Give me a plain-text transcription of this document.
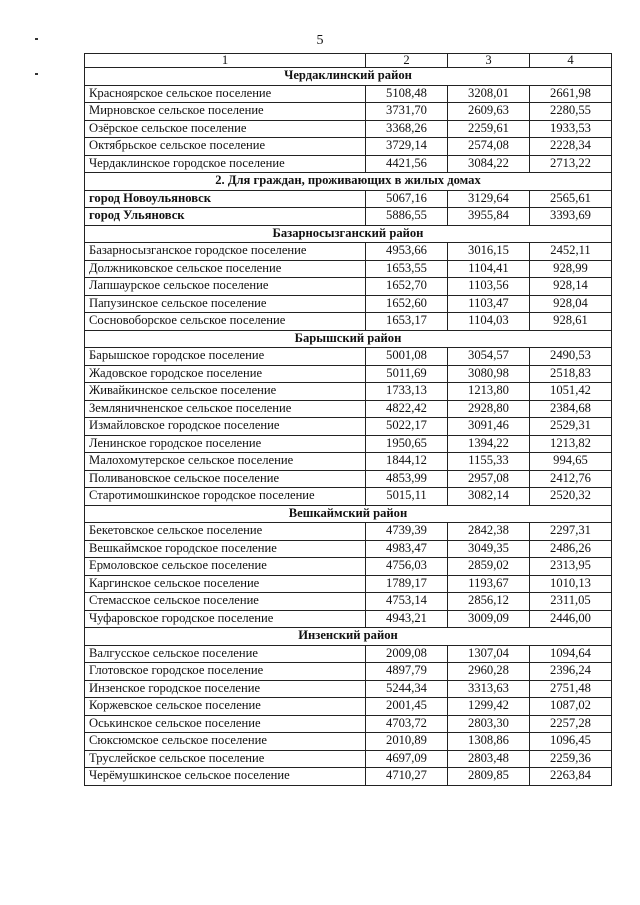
5
1	2	3	4
Чердаклинский район			
Красноярское сельское поселение	5108,48	3208,01	2661,98
Мирновское сельское поселение	3731,70	2609,63	2280,55
Озёрское сельское поселение	3368,26	2259,61	1933,53
Октябрьское сельское поселение	3729,14	2574,08	2228,34
Чердаклинское городское поселение	4421,56	3084,22	2713,22
2. Для граждан, проживающих в жилых домах			
город Новоульяновск	5067,16	3129,64	2565,61
город Ульяновск	5886,55	3955,84	3393,69
Базарносызганский район			
Базарносызганское городское поселение	4953,66	3016,15	2452,11
Должниковское сельское поселение	1653,55	1104,41	928,99
Лапшаурское сельское поселение	1652,70	1103,56	928,14
Папузинское сельское поселение	1652,60	1103,47	928,04
Сосновоборское сельское поселение	1653,17	1104,03	928,61
Барышский район			
Барышское городское поселение	5001,08	3054,57	2490,53
Жадовское городское поселение	5011,69	3080,98	2518,83
Живайкинское сельское поселение	1733,13	1213,80	1051,42
Земляничненское сельское поселение	4822,42	2928,80	2384,68
Измайловское городское поселение	5022,17	3091,46	2529,31
Ленинское городское поселение	1950,65	1394,22	1213,82
Малохомутерское сельское поселение	1844,12	1155,33	994,65
Поливановское сельское поселение	4853,99	2957,08	2412,76
Старотимошкинское городское поселение	5015,11	3082,14	2520,32
Вешкаймский район			
Бекетовское сельское поселение	4739,39	2842,38	2297,31
Вешкаймское городское поселение	4983,47	3049,35	2486,26
Ермоловское сельское поселение	4756,03	2859,02	2313,95
Каргинское сельское поселение	1789,17	1193,67	1010,13
Стемасское сельское поселение	4753,14	2856,12	2311,05
Чуфаровское городское поселение	4943,21	3009,09	2446,00
Инзенский район			
Валгусское сельское поселение	2009,08	1307,04	1094,64
Глотовское городское поселение	4897,79	2960,28	2396,24
Инзенское городское поселение	5244,34	3313,63	2751,48
Коржевское сельское поселение	2001,45	1299,42	1087,02
Оськинское сельское поселение	4703,72	2803,30	2257,28
Сюксюмское сельское поселение	2010,89	1308,86	1096,45
Труслейское сельское поселение	4697,09	2803,48	2259,36
Черёмушкинское сельское поселение	4710,27	2809,85	2263,84
